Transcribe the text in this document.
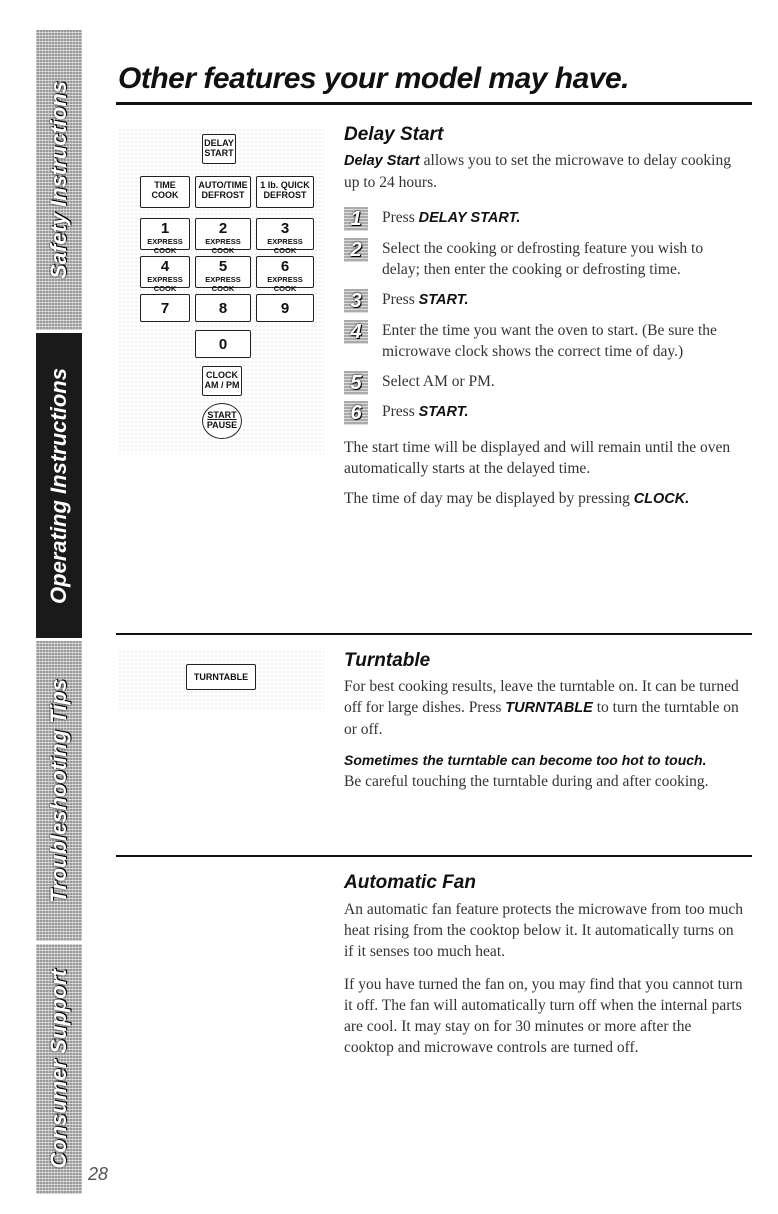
Safety Instructions
Operating Instructions
Troubleshooting Tips
Consumer Support
28
Other features your model may have.
DELAY
START
TIME
COOK
AUTO/TIME
DEFROST
1 lb. QUICK
DEFROST
1
EXPRESS COOK
2
EXPRESS COOK
3
EXPRESS COOK
4
EXPRESS COOK
5
EXPRESS COOK
6
EXPRESS COOK
7	8	9
0
CLOCK
AM / PM
START
PAUSE
Delay Start

Delay Start allows you to set the microwave to delay cooking up to 24 hours.

1	Press DELAY START.
2	Select the cooking or defrosting feature you wish to delay; then enter the cooking or defrosting time.
3	Press START.
4	Enter the time you want the oven to start. (Be sure the microwave clock shows the correct time of day.)
5	Select AM or PM.
6	Press START.

The start time will be displayed and will remain until the oven automatically starts at the delayed time.

The time of day may be displayed by pressing CLOCK.

TURNTABLE
Turntable

For best cooking results, leave the turntable on. It can be turned off for large dishes. Press TURNTABLE to turn the turntable on or off.

Sometimes the turntable can become too hot to touch.

Be careful touching the turntable during and after cooking.

Automatic Fan

An automatic fan feature protects the microwave from too much heat rising from the cooktop below it. It automatically turns on if it senses too much heat.

If you have turned the fan on, you may find that you cannot turn it off. The fan will automatically turn off when the internal parts are cool. It may stay on for 30 minutes or more after the cooktop and microwave controls are turned off.
